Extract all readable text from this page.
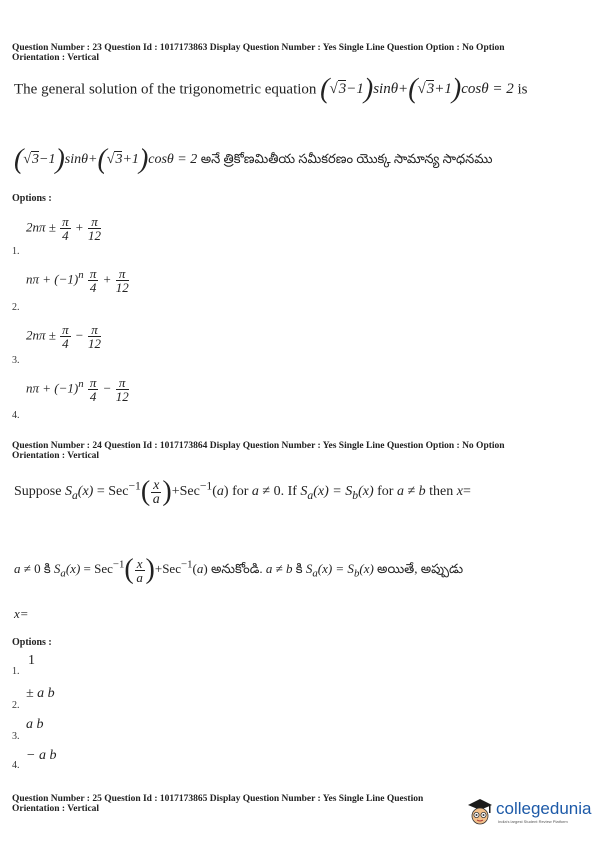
Question Number : 23 Question Id : 1017173863 Display Question Number : Yes Single Line Question Option : No Option
Orientation : Vertical
The general solution of the trigonometric equation (√3−1)sinθ+(√3+1)cosθ = 2 is
(√3−1)sinθ+(√3+1)cosθ = 2 అనే త్రికోణమితీయ సమీకరణం యొక్క సామాన్య సాధనము
Options :
$2n\pi \pm \frac{\pi}{4} + \frac{\pi}{12}$
1.
$n\pi + (-1)^n \frac{\pi}{4} + \frac{\pi}{12}$
2.
$2n\pi \pm \frac{\pi}{4} - \frac{\pi}{12}$
3.
$n\pi + (-1)^n \frac{\pi}{4} - \frac{\pi}{12}$
4.
Question Number : 24 Question Id : 1017173864 Display Question Number : Yes Single Line Question Option : No Option
Orientation : Vertical
Suppose $S_a(x) = Sec^{-1}( \frac{x}{a} )+Sec^{-1}(a)$ for a ≠ 0. If $S_a(x) = S_b(x)$ for a ≠ b then x=
a ≠ 0 కి $S_a(x) = Sec^{-1}( \frac{x}{a} )+Sec^{-1}(a)$ అనుకోండి. a ≠ b కి $S_a(x) = S_b(x)$ అయితే, అప్పుడు
x=
Options :
1.
1
2.
± a b
3.
a b
4.
− a b
Question Number : 25 Question Id : 1017173865 Display Question Number : Yes Single Line Question
Orientation : Vertical	collegedunia
India's largest Student Review Platform
